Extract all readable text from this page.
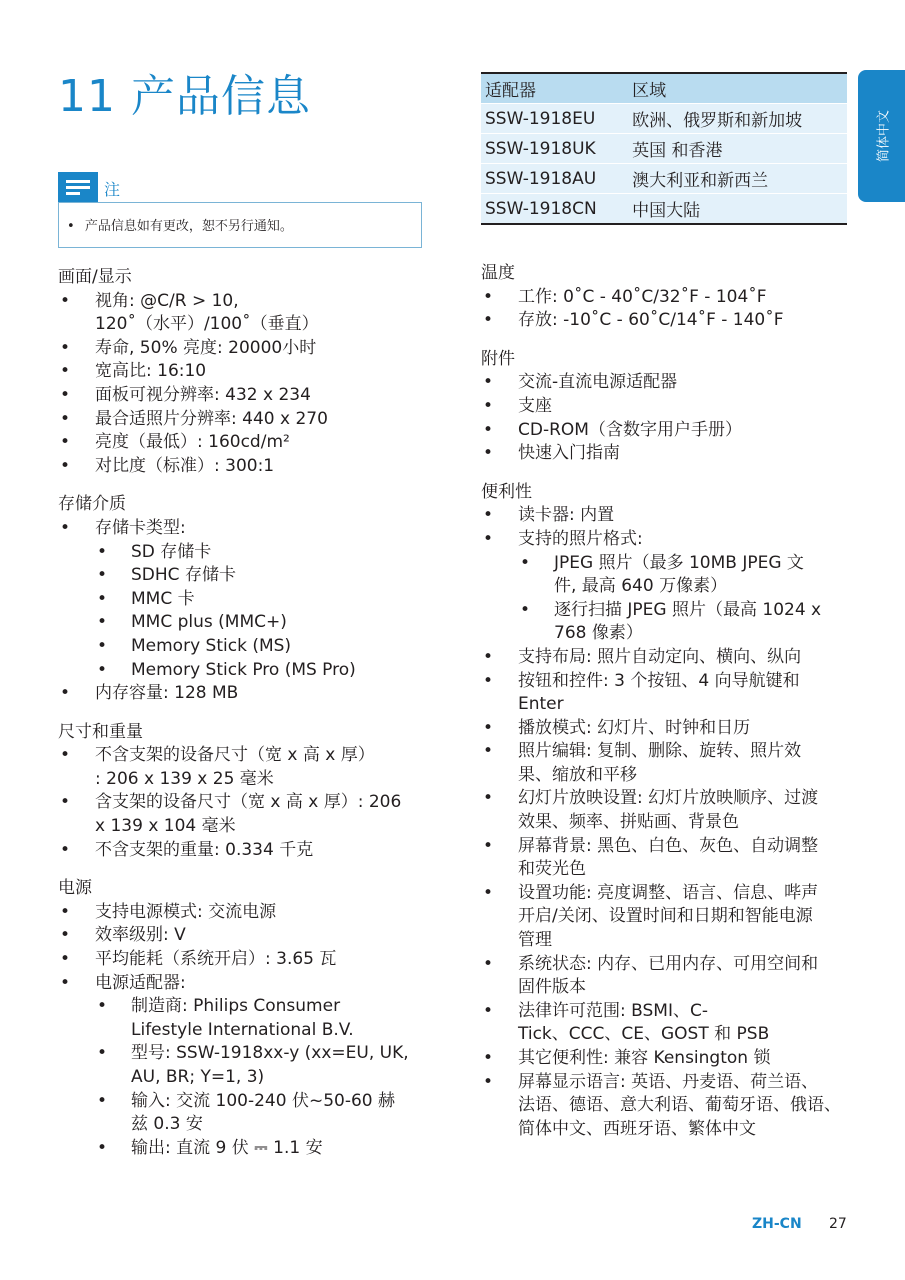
11 产品信息
简体中文
注
• 产品信息如有更改，恕不另行通知。
画面/显示
• 视角: @C/R > 10,
120˚（水平）/100˚（垂直）
• 寿命, 50% 亮度: 20000小时
• 宽高比: 16:10
• 面板可视分辨率: 432 x 234
• 最合适照片分辨率: 440 x 270
• 亮度（最低）: 160cd/m²
• 对比度（标准）: 300:1
存储介质
• 存储卡类型:
• SD 存储卡
• SDHC 存储卡
• MMC 卡
• MMC plus (MMC+)
• Memory Stick (MS)
• Memory Stick Pro (MS Pro)
• 内存容量: 128 MB
尺寸和重量
• 不含支架的设备尺寸（宽 x 高 x 厚）
: 206 x 139 x 25 毫米
• 含支架的设备尺寸（宽 x 高 x 厚）: 206
x 139 x 104 毫米
• 不含支架的重量: 0.334 千克
电源
• 支持电源模式: 交流电源
• 效率级别: V
• 平均能耗（系统开启）: 3.65 瓦
• 电源适配器:
• 制造商: Philips Consumer
Lifestyle International B.V.
• 型号: SSW-1918xx-y (xx=EU, UK,
AU, BR; Y=1, 3)
• 输入: 交流 100-240 伏~50-60 赫
兹 0.3 安
• 输出: 直流 9 伏 ⎓ 1.1 安
适配器	区域
SSW-1918EU	欧洲、俄罗斯和新加坡
SSW-1918UK	英国 和香港
SSW-1918AU	澳大利亚和新西兰
SSW-1918CN	中国大陆
温度
• 工作: 0˚C - 40˚C/32˚F - 104˚F
• 存放: -10˚C - 60˚C/14˚F - 140˚F
附件
• 交流-直流电源适配器
• 支座
• CD-ROM（含数字用户手册）
• 快速入门指南
便利性
• 读卡器: 内置
• 支持的照片格式:
• JPEG 照片（最多 10MB JPEG 文
件, 最高 640 万像素）
• 逐行扫描 JPEG 照片（最高 1024 x
768 像素）
• 支持布局: 照片自动定向、横向、纵向
• 按钮和控件: 3 个按钮、4 向导航键和
Enter
• 播放模式: 幻灯片、时钟和日历
• 照片编辑: 复制、删除、旋转、照片效
果、缩放和平移
• 幻灯片放映设置: 幻灯片放映顺序、过渡
效果、频率、拼贴画、背景色
• 屏幕背景: 黑色、白色、灰色、自动调整
和荧光色
• 设置功能: 亮度调整、语言、信息、哔声
开启/关闭、设置时间和日期和智能电源
管理
• 系统状态: 内存、已用内存、可用空间和
固件版本
• 法律许可范围: BSMI、C-
Tick、CCC、CE、GOST 和 PSB
• 其它便利性: 兼容 Kensington 锁
• 屏幕显示语言: 英语、丹麦语、荷兰语、
法语、德语、意大利语、葡萄牙语、俄语、
简体中文、西班牙语、繁体中文
ZH-CN 27
